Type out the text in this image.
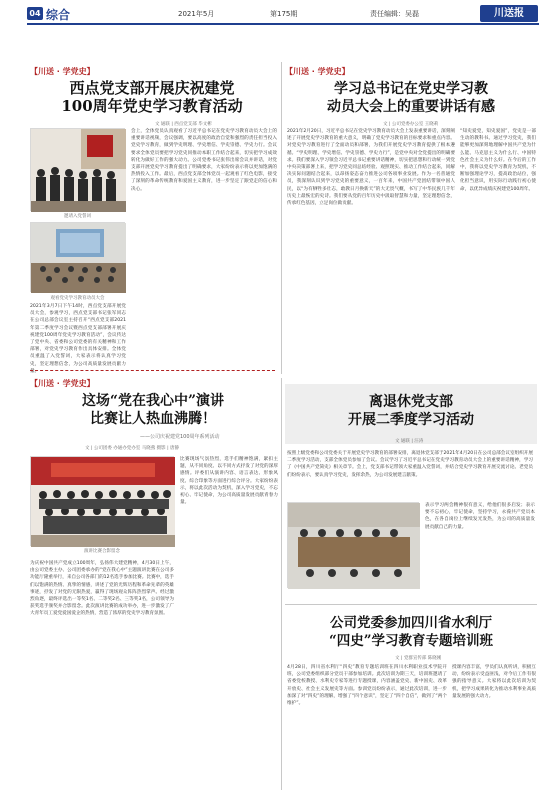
04 综合	2021年5月	第175期	责任编辑：吴磊	川送报
【川送 · 学党史】
西点党支部开展庆祝建党
100周年党史学习教育活动
文 通联 | 西点党支部 毕文彬
邀请入党誓词
观看党史学习教育动员大会
会上，全体党员认真观看了习近平总书记在党史学习教育动员大会上的重要讲话视频，会议强调，要以高度的政治自觉和强烈的责任担当投入党史学习教育，做到学史明理、学史增信、学史崇德、学史力行。会议要求全体党员要把学习党史同推动本职工作结合起来，切实把学习成效转化为做好工作的强大动力。公司党委书记张伟出席会议并讲话，对党支部开展党史学习教育提出了明确要求，大家纷纷表示将以更加饱满的热情投入工作。最后，西点党支部全体党员一起观看了红色电影，接受了深刻的革命传统教育和爱国主义教育，进一步坚定了跟党走的信心和决心。
2021年3月7日下午14时，西点党支部开展党员大会，参观学习，西点党支部书记张军同志在公司总部会议室主持召开“西点党支部2021年第二季度学习会议暨西点党支部部署开展庆祝建党100周年党史学习教育活动”，会议传达了党中央、省委和公司党委的有关精神和工作部署，对党史学习教育作出具体安排。全体党员重温了入党誓词，大家表示将认真学习党史，坚定理想信念，为公司高质量发展贡献力量。
【川送 · 学党史】
学习总书记在党史学习教
动员大会上的重要讲话有感
文 | 公司党委办公室 王晓莉
2021年2月20日，习近平总书记在党史学习教育动员大会上发表重要讲话，深刻阐述了开展党史学习教育的重大意义，明确了党史学习教育的目标要求和重点内容。对党史学习教育进行了全面动员和部署，为我们开展党史学习教育提供了根本遵循。“学史明理、学史增信、学史崇德、学史力行”，是党中央对全党提出的明确要求。我们要深入学习领会习近平总书记重要讲话精神，切实把思想和行动统一到党中央决策部署上来，把学习党史同总结经验、观照现实、推动工作结合起来，同解决实际问题结合起来，以昂扬姿态奋力推进公司各项事业发展。作为一名普通党员，我深刻认识到学习党史的重要意义，一百年来，中国共产党团结带领中国人民，以“为有牺牲多壮志，敢教日月换新天”的大无畏气概，书写了中华民族几千年历史上最恢宏的史诗。我们要从党的百年历史中汲取智慧和力量，坚定理想信念，传承红色基因，立足岗位做贡献。
“知史爱党，知史爱国”，党史是一部生动的教科书。通过学习党史，我们能够更加深刻地理解中国共产党为什么能、马克思主义为什么行、中国特色社会主义为什么好。在今后的工作中，我将以党史学习教育为契机，不断加强理论学习，提高政治站位，强化担当意识，用实际行动践行初心使命，以优异成绩庆祝建党100周年。
【川送 · 学党史】
这场“党在我心中”演讲
比赛让人热血沸腾！
——公司庆祝建党100周年系列活动
文 | 公司团委 办通办党办室 马晓燕 摄影 | 唐静
演讲比赛合影留念
为庆祝中国共产党成立100周年，弘扬伟大建党精神，4月30日上午，由公司党委主办、公司团委承办的“党在我心中”主题演讲比赛在公司多功能厅隆重举行，来自公司各部门的12名选手参加比赛。比赛中，选手们以饱满的热情、真挚的情感，讲述了党的光辉历程和革命先辈的英雄事迹，抒发了对党的无限热爱，赢得了现场观众阵阵热烈掌声。经过激烈角逐，最终评选出一等奖1名、二等奖2名、三等奖3名，公司领导为获奖选手颁奖并合影留念。此次演讲比赛的成功举办，进一步激发了广大青年员工爱党爱国爱企的热情，营造了浓厚的党史学习教育氛围。
比赛现场气氛热烈，选手们精神饱满，紧扣主题，从不同角度、以不同方式抒发了对党的深厚感情。评委们从演讲内容、语言表达、形象风度、综合印象等方面进行综合评分。大家纷纷表示，将以此次活动为契机，深入学习党史，不忘初心、牢记使命，为公司高质量发展贡献青春力量。
离退休党支部
开展二季度学习活动
文 通联 | 汪涛
按照上级党委和公司党委关于开展党史学习教育的部署安排，离退休党支部于2021年4月20日在公司总部会议室组织开展二季度学习活动，支部全体党员参加了会议。会议学习了习近平总书记在党史学习教育动员大会上的重要讲话精神，学习了《中国共产党简史》相关章节。会上，党支部书记带领大家重温入党誓词，并结合党史学习教育开展交流讨论。老党员们纷纷表示，要认真学习党史，发挥余热，为公司发展建言献策。
表示学习两会精神很有意义，给他们很多启发；表示要不忘初心，牢记使命，坚持学习，永葆共产党员本色，在各自岗位上继续发光发热，为公司的高质量发展贡献自己的力量。
公司党委参加四川省水利厅
“四史”学习教育专题培训班
文 | 党群宣传部 陈晓刚
4月28日，四川省水利厅“四史”教育专题培训班在四川水利职业技术学院开班，公司党委组织部分党员干部参加培训。此次培训为期三天，培训班邀请了省委党校教授、水利史专家等进行专题授课，内容涵盖党史、新中国史、改革开放史、社会主义发展史等方面。参训党员纷纷表示，通过此次培训，进一步加深了对“四史”的理解，增强了“四个意识”，坚定了“四个自信”，做到了“两个维护”。
授课内容丰富，学员们认真听讲，积极互动，纷纷表示受益匪浅，对今后工作有很强的指导意义。大家将以此次培训为契机，把学习成果转化为推动水利事业高质量发展的强大动力。
